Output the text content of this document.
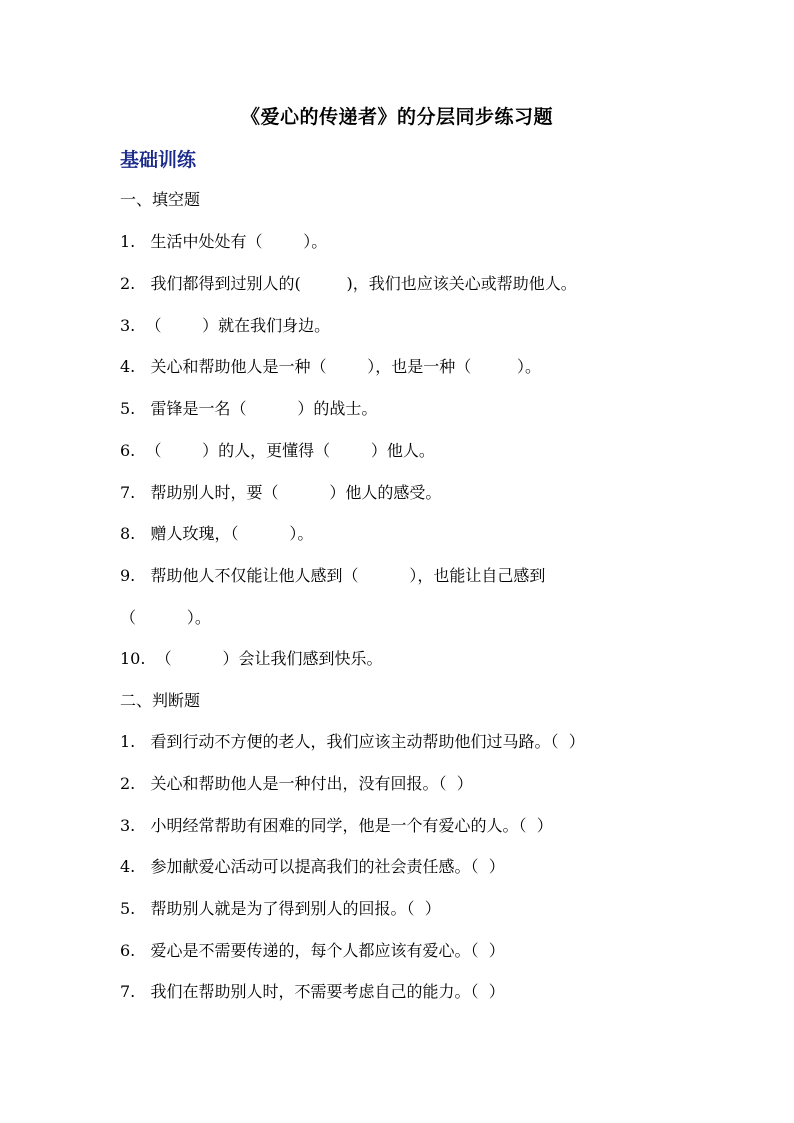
《爱心的传递者》的分层同步练习题
基础训练
一、填空题
1.   生活中处处有（        ）。
2.   我们都得到过别人的(         )，我们也应该关心或帮助他人。
3.  （        ）就在我们身边。
4.   关心和帮助他人是一种（        ），也是一种（         ）。
5.   雷锋是一名（          ）的战士。
6.  （        ）的人，更懂得（        ）他人。
7.   帮助别人时，要（          ）他人的感受。
8.   赠人玫瑰，（          ）。
9.   帮助他人不仅能让他人感到（          ），也能让自己感到
（          ）。
10.  （          ）会让我们感到快乐。
二、判断题
1.   看到行动不方便的老人，我们应该主动帮助他们过马路。（  ）
2.   关心和帮助他人是一种付出，没有回报。（  ）
3.   小明经常帮助有困难的同学，他是一个有爱心的人。（  ）
4.   参加献爱心活动可以提高我们的社会责任感。（  ）
5.   帮助别人就是为了得到别人的回报。（  ）
6.   爱心是不需要传递的，每个人都应该有爱心。（  ）
7.   我们在帮助别人时，不需要考虑自己的能力。（  ）
